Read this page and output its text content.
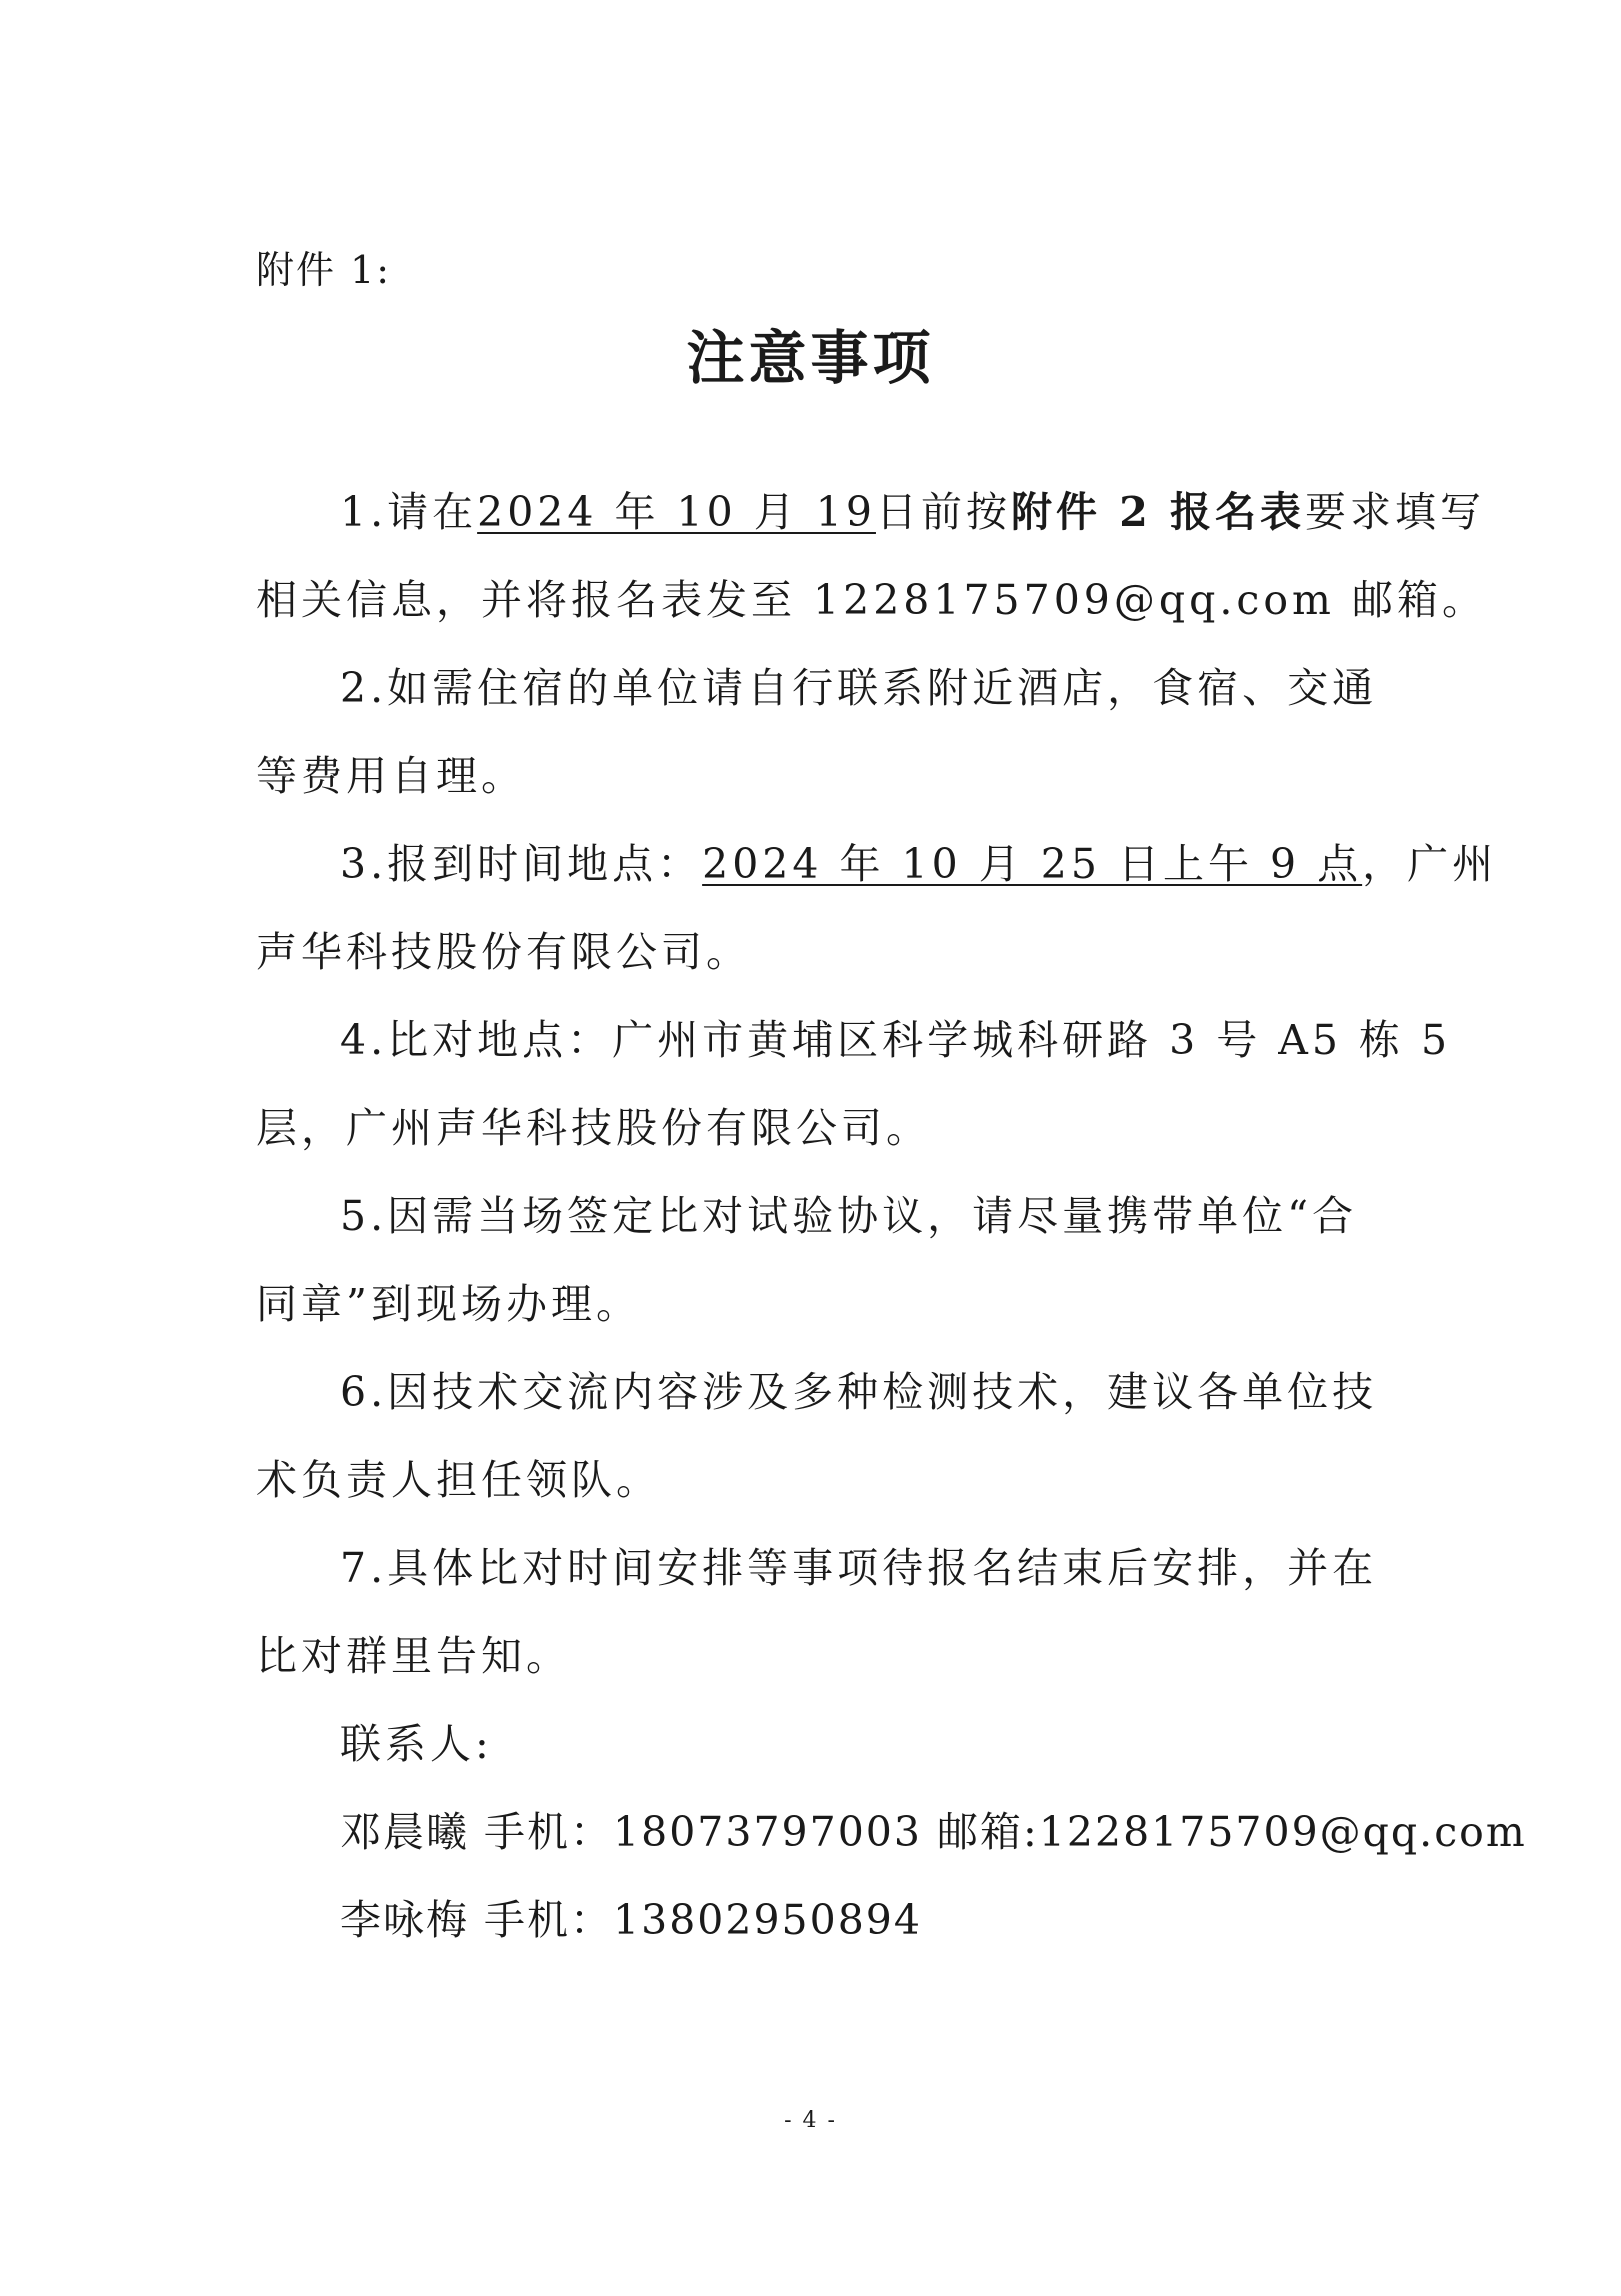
附件 1:
注意事项
1.请在2024 年 10 月 19日前按附件 2 报名表要求填写
相关信息，并将报名表发至 1228175709@qq.com 邮箱。
2.如需住宿的单位请自行联系附近酒店，食宿、交通
等费用自理。
3.报到时间地点：2024 年 10 月 25 日上午 9 点，广州
声华科技股份有限公司。
4.比对地点：广州市黄埔区科学城科研路 3 号 A5 栋 5
层，广州声华科技股份有限公司。
5.因需当场签定比对试验协议，请尽量携带单位“合
同章”到现场办理。
6.因技术交流内容涉及多种检测技术，建议各单位技
术负责人担任领队。
7.具体比对时间安排等事项待报名结束后安排，并在
比对群里告知。
联系人:
邓晨曦 手机：18073797003 邮箱:1228175709@qq.com
李咏梅 手机：13802950894
- 4 -
